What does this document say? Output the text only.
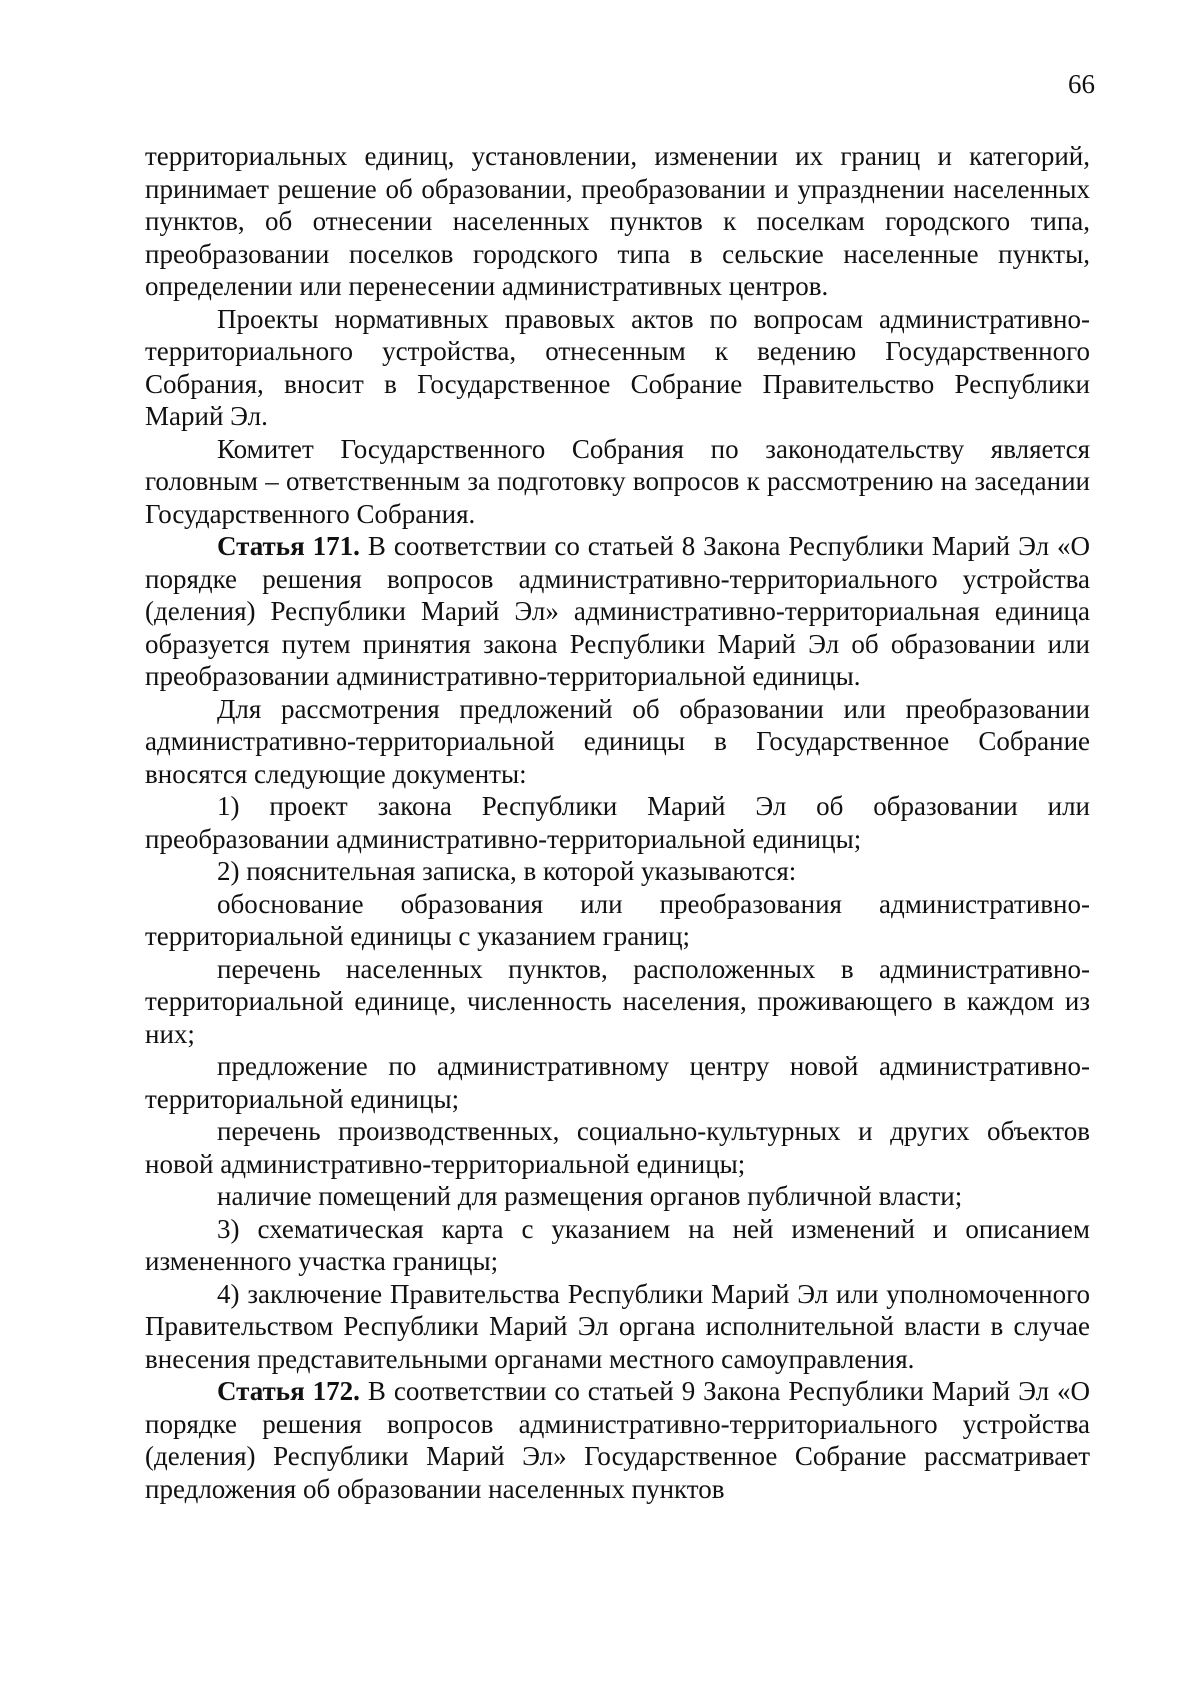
66

территориальных единиц, установлении, изменении их границ и категорий, принимает решение об образовании, преобразовании и упразднении населенных пунктов, об отнесении населенных пунктов к поселкам городского типа, преобразовании поселков городского типа в сельские населенные пункты, определении или перенесении административных центров.

Проекты нормативных правовых актов по вопросам административно-территориального устройства, отнесенным к ведению Государственного Собрания, вносит в Государственное Собрание Правительство Республики Марий Эл.

Комитет Государственного Собрания по законодательству является головным – ответственным за подготовку вопросов к рассмотрению на заседании Государственного Собрания.

Статья 171. В соответствии со статьей 8 Закона Республики Марий Эл «О порядке решения вопросов административно-территориального устройства (деления) Республики Марий Эл» административно-территориальная единица образуется путем принятия закона Республики Марий Эл об образовании или преобразовании административно-территориальной единицы.

Для рассмотрения предложений об образовании или преобразовании административно-территориальной единицы в Государственное Собрание вносятся следующие документы:

1) проект закона Республики Марий Эл об образовании или преобразовании административно-территориальной единицы;

2) пояснительная записка, в которой указываются:

обоснование образования или преобразования административно-территориальной единицы с указанием границ;

перечень населенных пунктов, расположенных в административно-территориальной единице, численность населения, проживающего в каждом из них;

предложение по административному центру новой административно-территориальной единицы;

перечень производственных, социально-культурных и других объектов новой административно-территориальной единицы;

наличие помещений для размещения органов публичной власти;

3) схематическая карта с указанием на ней изменений и описанием измененного участка границы;

4) заключение Правительства Республики Марий Эл или уполномоченного Правительством Республики Марий Эл органа исполнительной власти в случае внесения представительными органами местного самоуправления.

Статья 172. В соответствии со статьей 9 Закона Республики Марий Эл «О порядке решения вопросов административно-территориального устройства (деления) Республики Марий Эл» Государственное Собрание рассматривает предложения об образовании населенных пунктов
